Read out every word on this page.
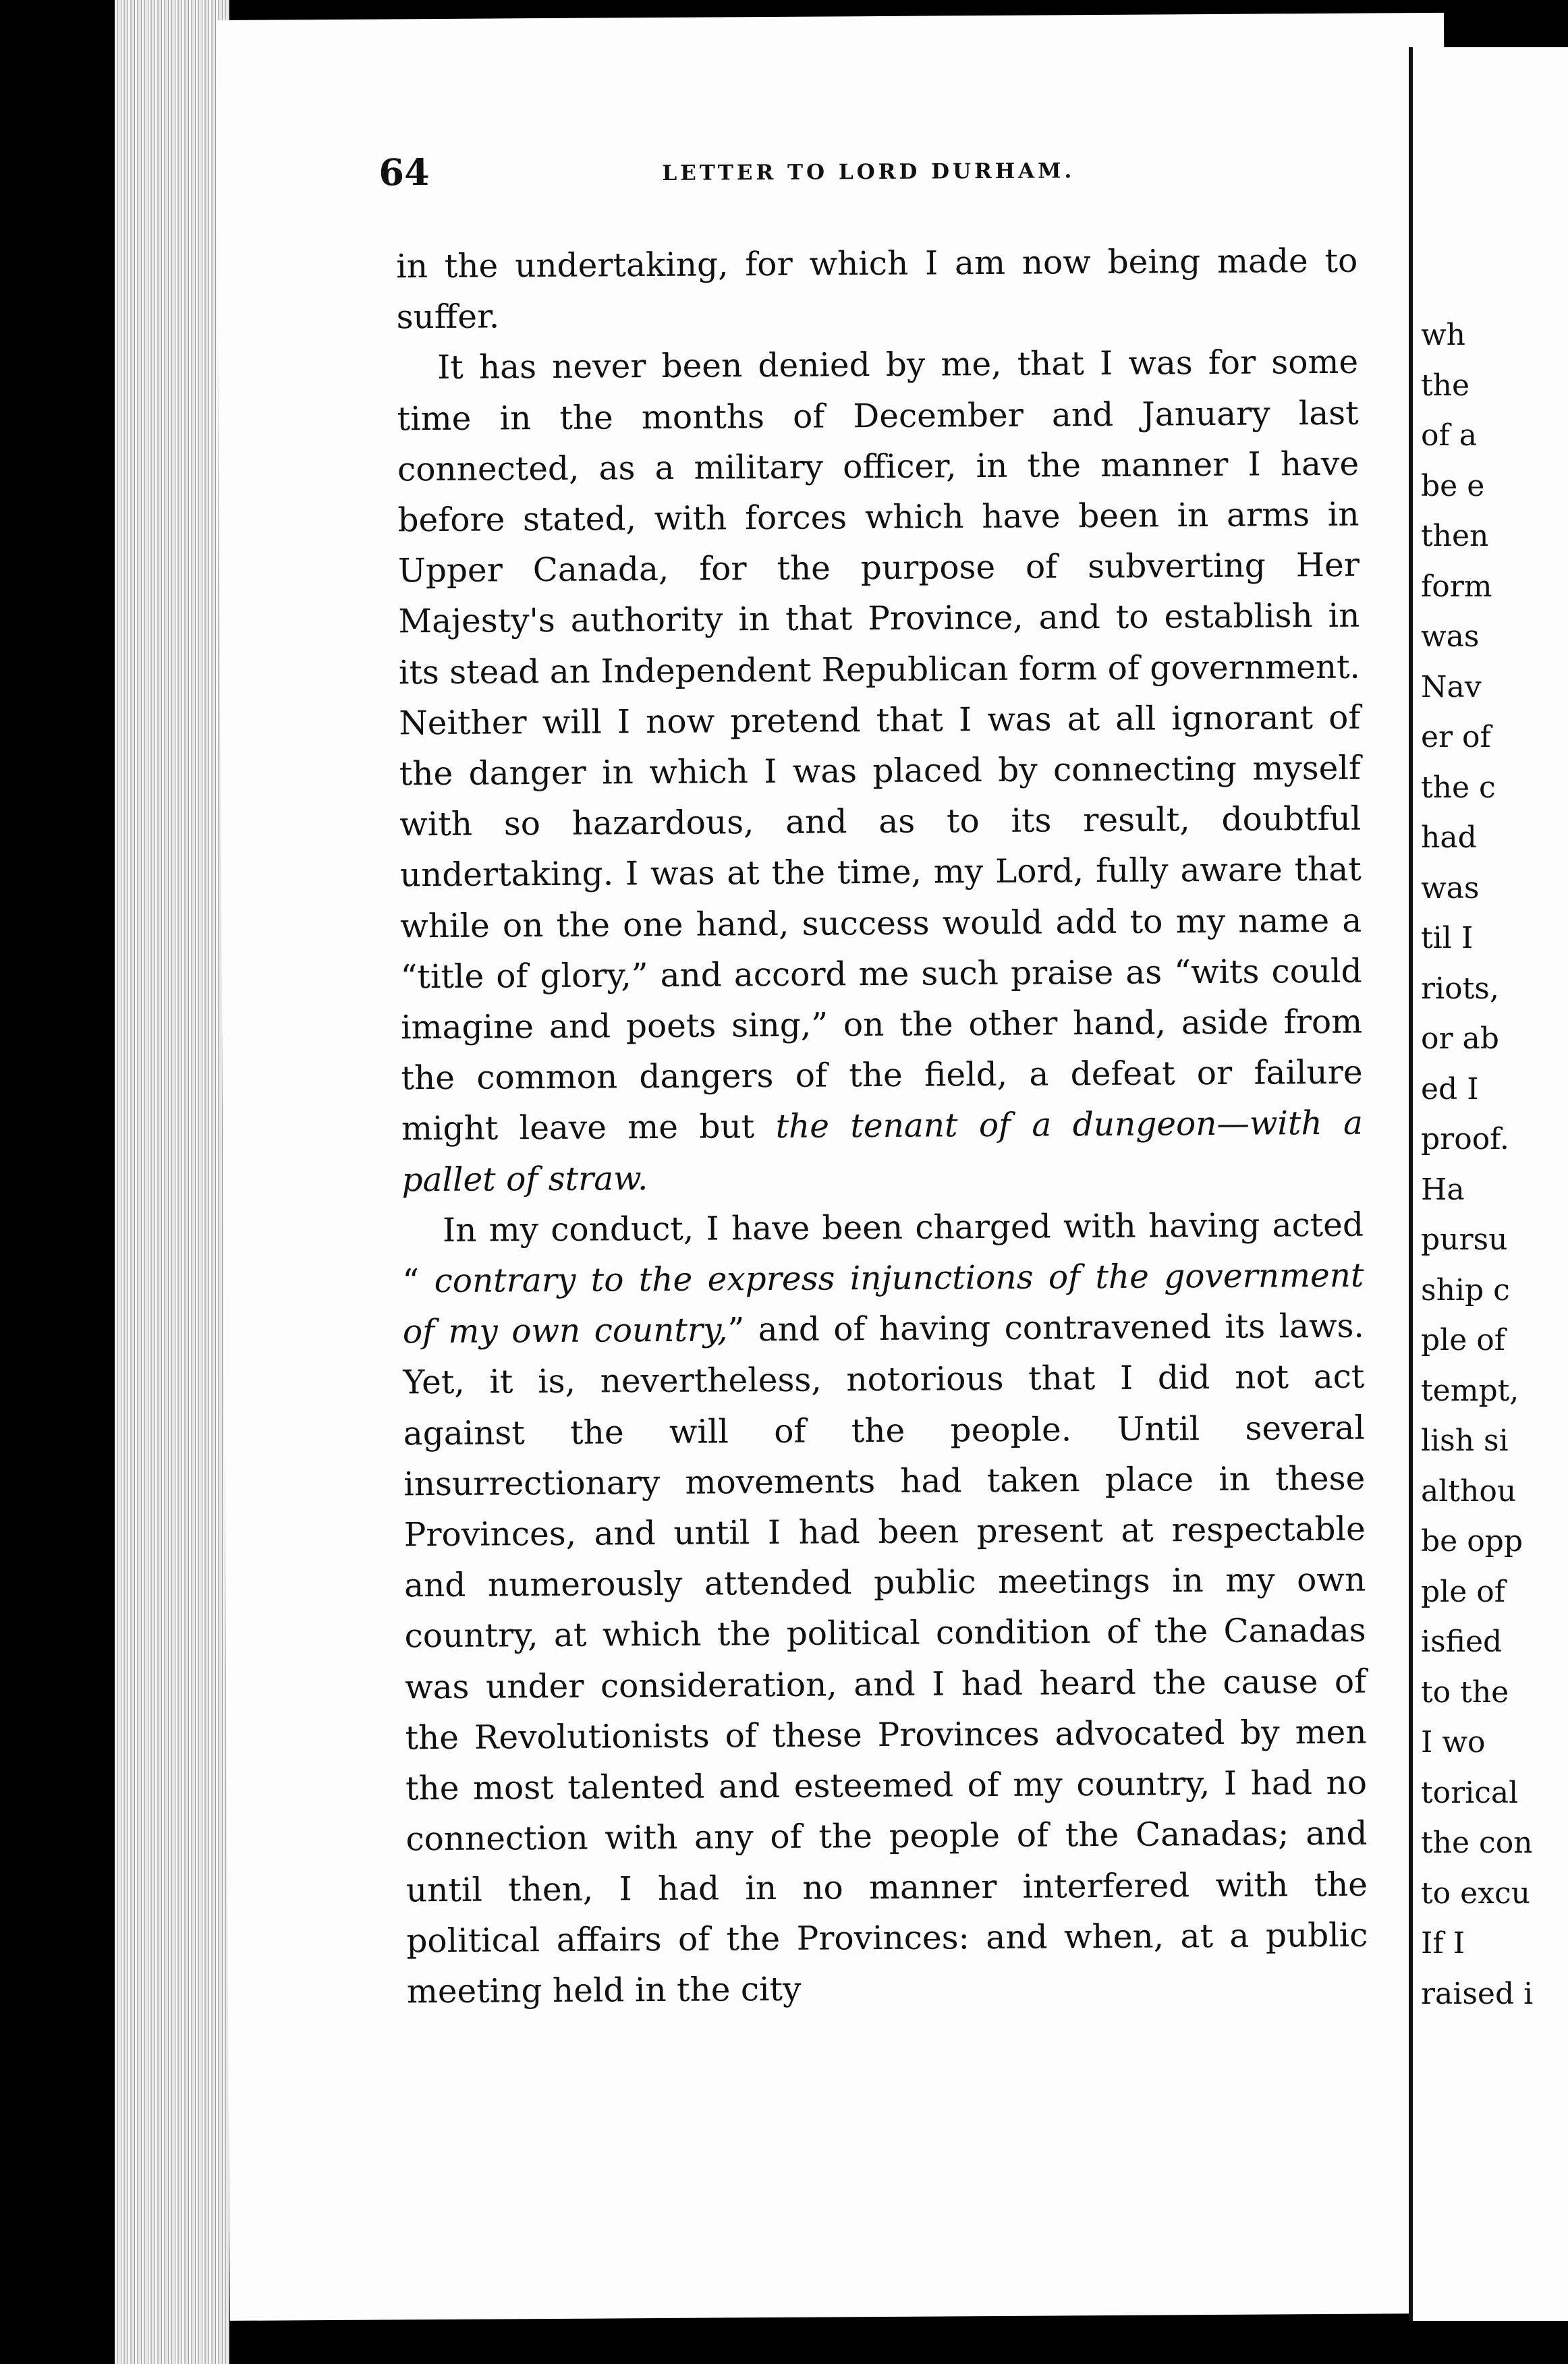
64	LETTER TO LORD DURHAM.

in the undertaking, for which I am now being made to suffer.

It has never been denied by me, that I was for some time in the months of December and January last connected, as a military officer, in the manner I have before stated, with forces which have been in arms in Upper Canada, for the purpose of subverting Her Majesty's authority in that Province, and to establish in its stead an Independent Republican form of government. Neither will I now pretend that I was at all ignorant of the danger in which I was placed by connecting myself with so hazardous, and as to its result, doubtful undertaking. I was at the time, my Lord, fully aware that while on the one hand, success would add to my name a “title of glory,” and accord me such praise as “wits could imagine and poets sing,” on the other hand, aside from the common dangers of the field, a defeat or failure might leave me but the tenant of a dungeon—with a pallet of straw.

In my conduct, I have been charged with having acted “ contrary to the express injunctions of the government of my own country,” and of having contravened its laws. Yet, it is, nevertheless, notorious that I did not act against the will of the people. Until several insurrectionary movements had taken place in these Provinces, and until I had been present at respectable and numerously attended public meetings in my own country, at which the political condition of the Canadas was under consideration, and I had heard the cause of the Revolutionists of these Provinces advocated by men the most talented and esteemed of my country, I had no connection with any of the people of the Canadas; and until then, I had in no manner interfered with the political affairs of the Provinces: and when, at a public meeting held in the city

wh
the
of a
be e
then
form
was
Nav
er of
the c
had
was
til I
riots,
or ab
ed I
proof.
Ha
pursu
ship c
ple of
tempt,
lish si
althou
be opp
ple of
isfied
to the
I wo
torical
the con
to excu
If I
raised i
